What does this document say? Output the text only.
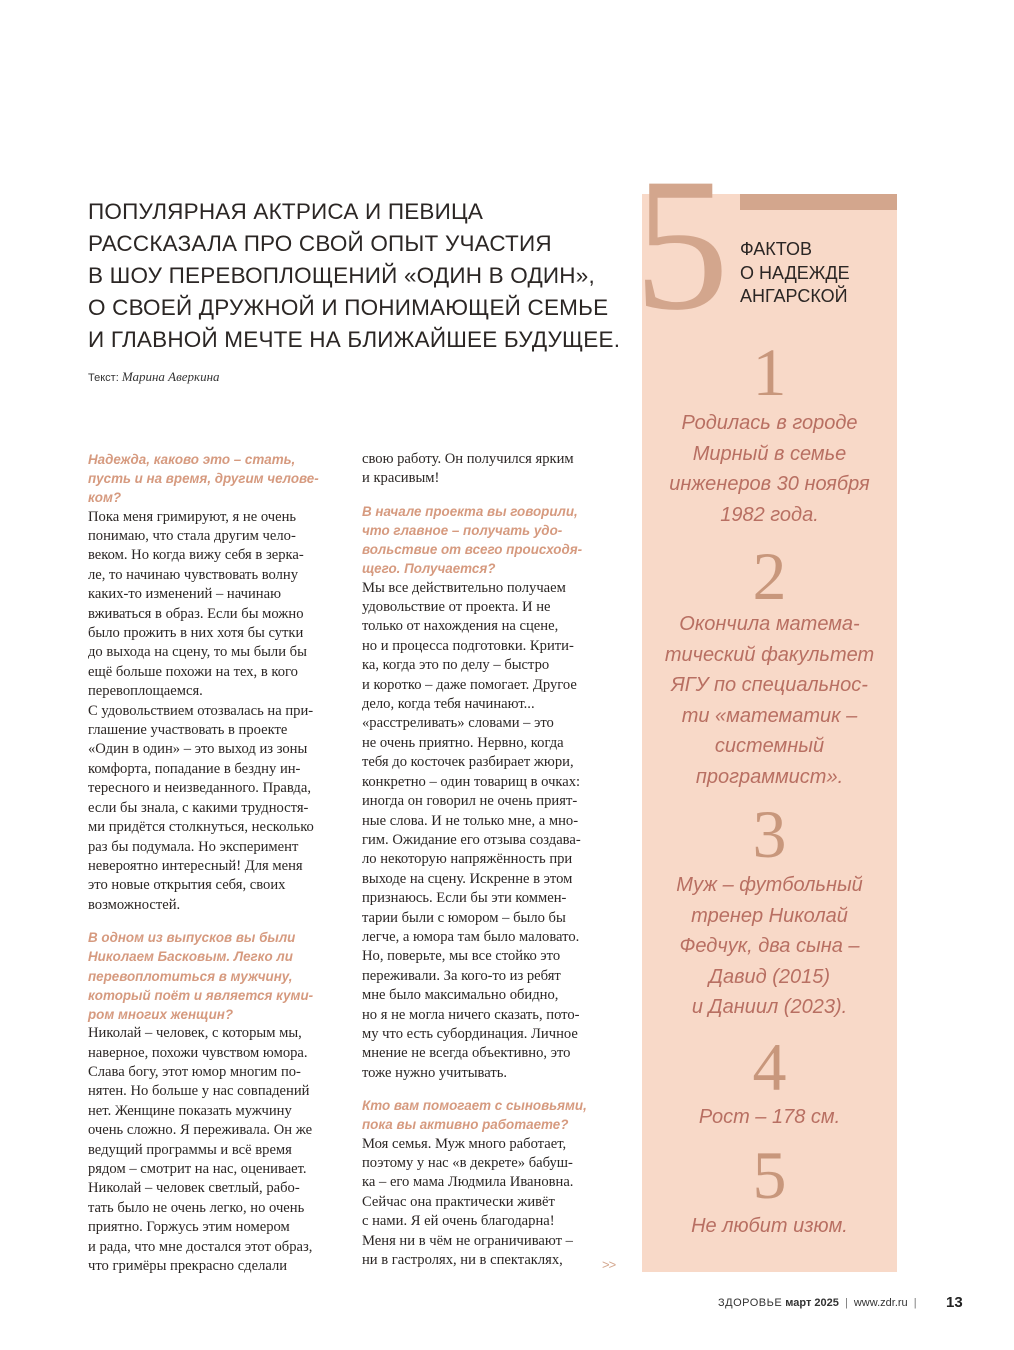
ПОПУЛЯРНАЯ АКТРИСА И ПЕВИЦА
РАССКАЗАЛА ПРО СВОЙ ОПЫТ УЧАСТИЯ
В ШОУ ПЕРЕВОПЛОЩЕНИЙ «ОДИН В ОДИН»,
О СВОЕЙ ДРУЖНОЙ И ПОНИМАЮЩЕЙ СЕМЬЕ
И ГЛАВНОЙ МЕЧТЕ НА БЛИЖАЙШЕЕ БУДУЩЕЕ.
Текст: Марина Аверкина
Надежда, каково это – стать,
пусть и на время, другим челове-
ком?
Пока меня гримируют, я не очень
понимаю, что стала другим чело-
веком. Но когда вижу себя в зерка-
ле, то начинаю чувствовать волну
каких-то изменений – начинаю
вживаться в образ. Если бы можно
было прожить в них хотя бы сутки
до выхода на сцену, то мы были бы
ещё больше похожи на тех, в кого
перевоплощаемся.
С удовольствием отозвалась на при-
глашение участвовать в проекте
«Один в один» – это выход из зоны
комфорта, попадание в бездну ин-
тересного и неизведанного. Правда,
если бы знала, с какими трудностя-
ми придётся столкнуться, несколько
раз бы подумала. Но эксперимент
невероятно интересный! Для меня
это новые открытия себя, своих
возможностей.
В одном из выпусков вы были
Николаем Басковым. Легко ли
перевоплотиться в мужчину,
который поёт и является куми-
ром многих женщин?
Николай – человек, с которым мы,
наверное, похожи чувством юмора.
Слава богу, этот юмор многим по-
нятен. Но больше у нас совпадений
нет. Женщине показать мужчину
очень сложно. Я переживала. Он же
ведущий программы и всё время
рядом – смотрит на нас, оценивает.
Николай – человек светлый, рабо-
тать было не очень легко, но очень
приятно. Горжусь этим номером
и рада, что мне достался этот образ,
что гримёры прекрасно сделали
свою работу. Он получился ярким
и красивым!
В начале проекта вы говорили,
что главное – получать удо-
вольствие от всего происходя-
щего. Получается?
Мы все действительно получаем
удовольствие от проекта. И не
только от нахождения на сцене,
но и процесса подготовки. Крити-
ка, когда это по делу – быстро
и коротко – даже помогает. Другое
дело, когда тебя начинают...
«расстреливать» словами – это
не очень приятно. Нервно, когда
тебя до косточек разбирает жюри,
конкретно – один товарищ в очках:
иногда он говорил не очень прият-
ные слова. И не только мне, а мно-
гим. Ожидание его отзыва создава-
ло некоторую напряжённость при
выходе на сцену. Искренне в этом
признаюсь. Если бы эти коммен-
тарии были с юмором – было бы
легче, а юмора там было маловато.
Но, поверьте, мы все стойко это
переживали. За кого-то из ребят
мне было максимально обидно,
но я не могла ничего сказать, пото-
му что есть субординация. Личное
мнение не всегда объективно, это
тоже нужно учитывать.
Кто вам помогает с сыновьями,
пока вы активно работаете?
Моя семья. Муж много работает,
поэтому у нас «в декрете» бабуш-
ка – его мама Людмила Ивановна.
Сейчас она практически живёт
с нами. Я ей очень благодарна!
Меня ни в чём не ограничивают –
ни в гастролях, ни в спектаклях,	>>
5 ФАКТОВ
О НАДЕЖДЕ
АНГАРСКОЙ
1
Родилась в городе
Мирный в семье
инженеров 30 ноября
1982 года.
2
Окончила матема-
тический факультет
ЯГУ по специальнос-
ти «математик –
системный
программист».
3
Муж – футбольный
тренер Николай
Федчук, два сына –
Давид (2015)
и Даниил (2023).
4
Рост – 178 см.
5
Не любит изюм.
ЗДОРОВЬЕ март 2025 | www.zdr.ru | 13
